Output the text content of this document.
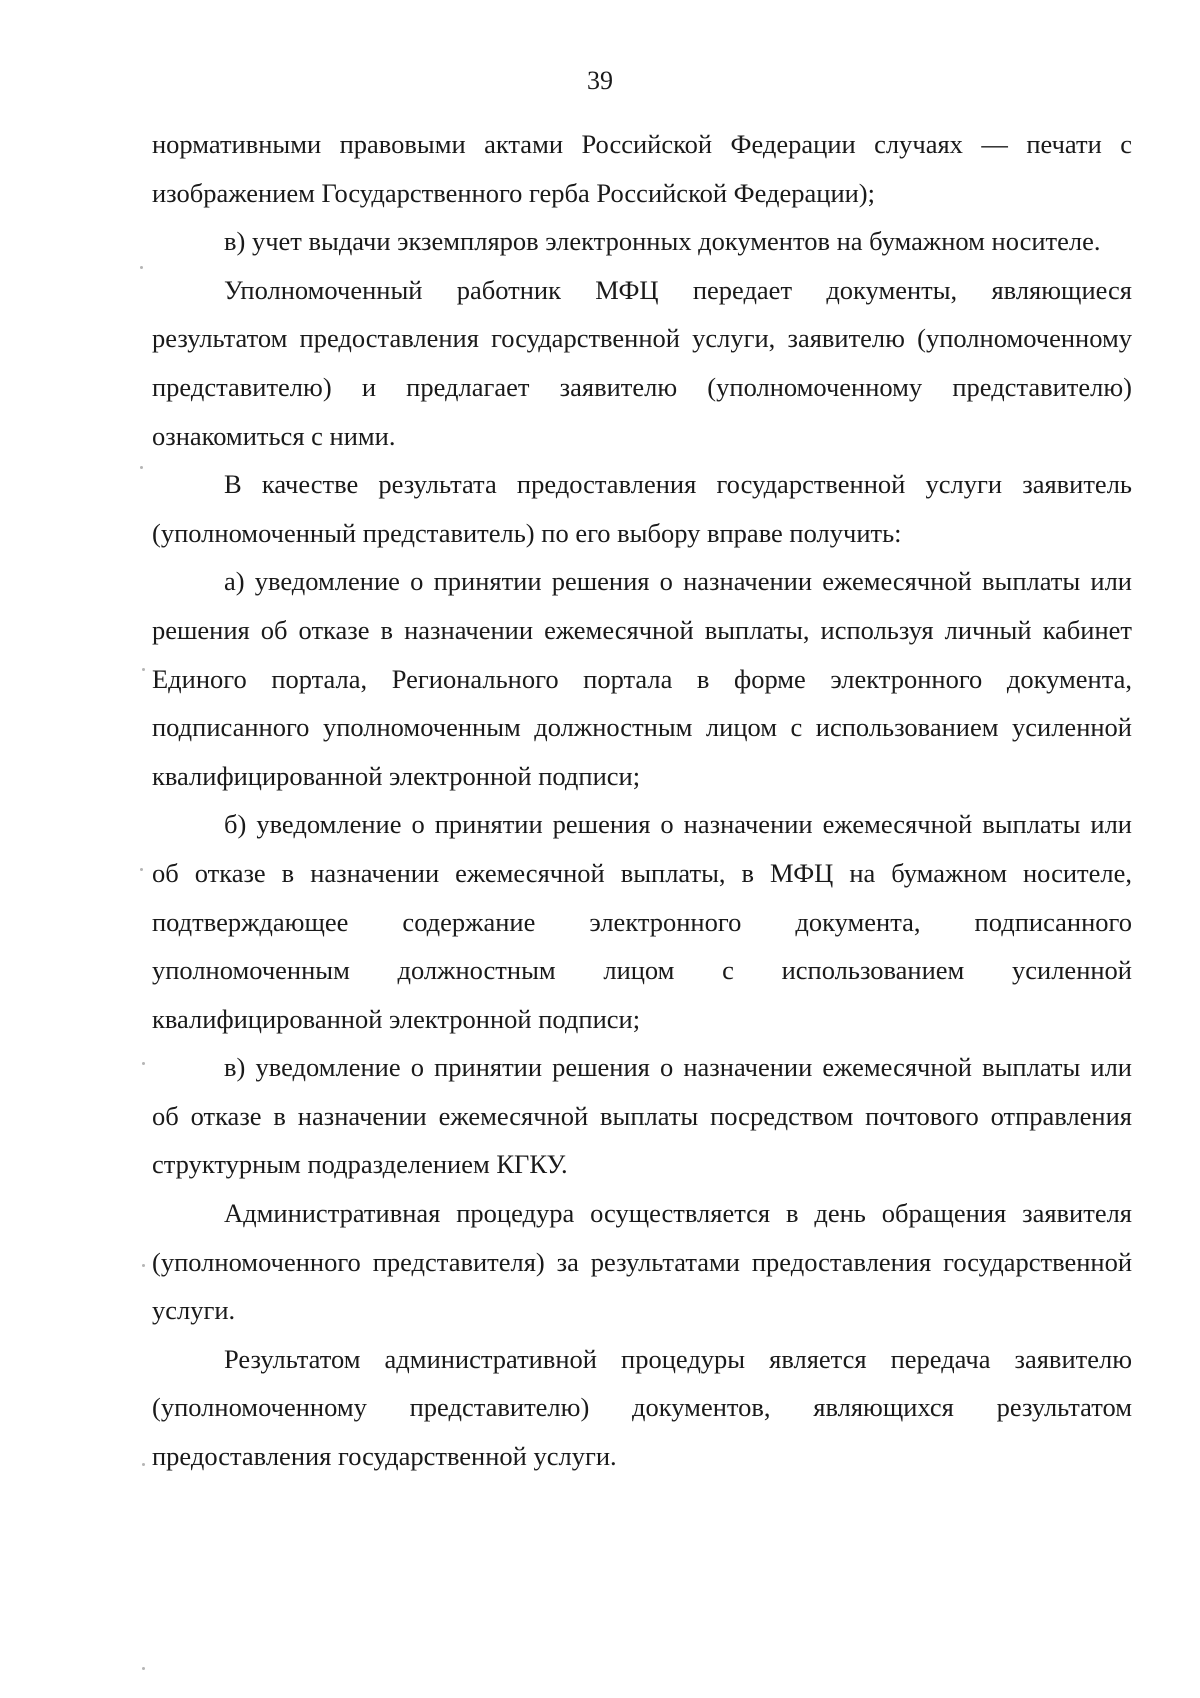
39

нормативными правовыми актами Российской Федерации случаях — печати с изображением Государственного герба Российской Федерации);

в) учет выдачи экземпляров электронных документов на бумажном носителе.

Уполномоченный работник МФЦ передает документы, являющиеся результатом предоставления государственной услуги, заявителю (уполномоченному представителю) и предлагает заявителю (уполномоченному представителю) ознакомиться с ними.

В качестве результата предоставления государственной услуги заявитель (уполномоченный представитель) по его выбору вправе получить:

а) уведомление о принятии решения о назначении ежемесячной выплаты или решения об отказе в назначении ежемесячной выплаты, используя личный кабинет Единого портала, Регионального портала в форме электронного документа, подписанного уполномоченным должностным лицом с использованием усиленной квалифицированной электронной подписи;

б) уведомление о принятии решения о назначении ежемесячной выплаты или об отказе в назначении ежемесячной выплаты, в МФЦ на бумажном носителе, подтверждающее содержание электронного документа, подписанного уполномоченным должностным лицом с использованием усиленной квалифицированной электронной подписи;

в) уведомление о принятии решения о назначении ежемесячной выплаты или об отказе в назначении ежемесячной выплаты посредством почтового отправления структурным подразделением КГКУ.

Административная процедура осуществляется в день обращения заявителя (уполномоченного представителя) за результатами предоставления государственной услуги.

Результатом административной процедуры является передача заявителю (уполномоченному представителю) документов, являющихся результатом предоставления государственной услуги.
